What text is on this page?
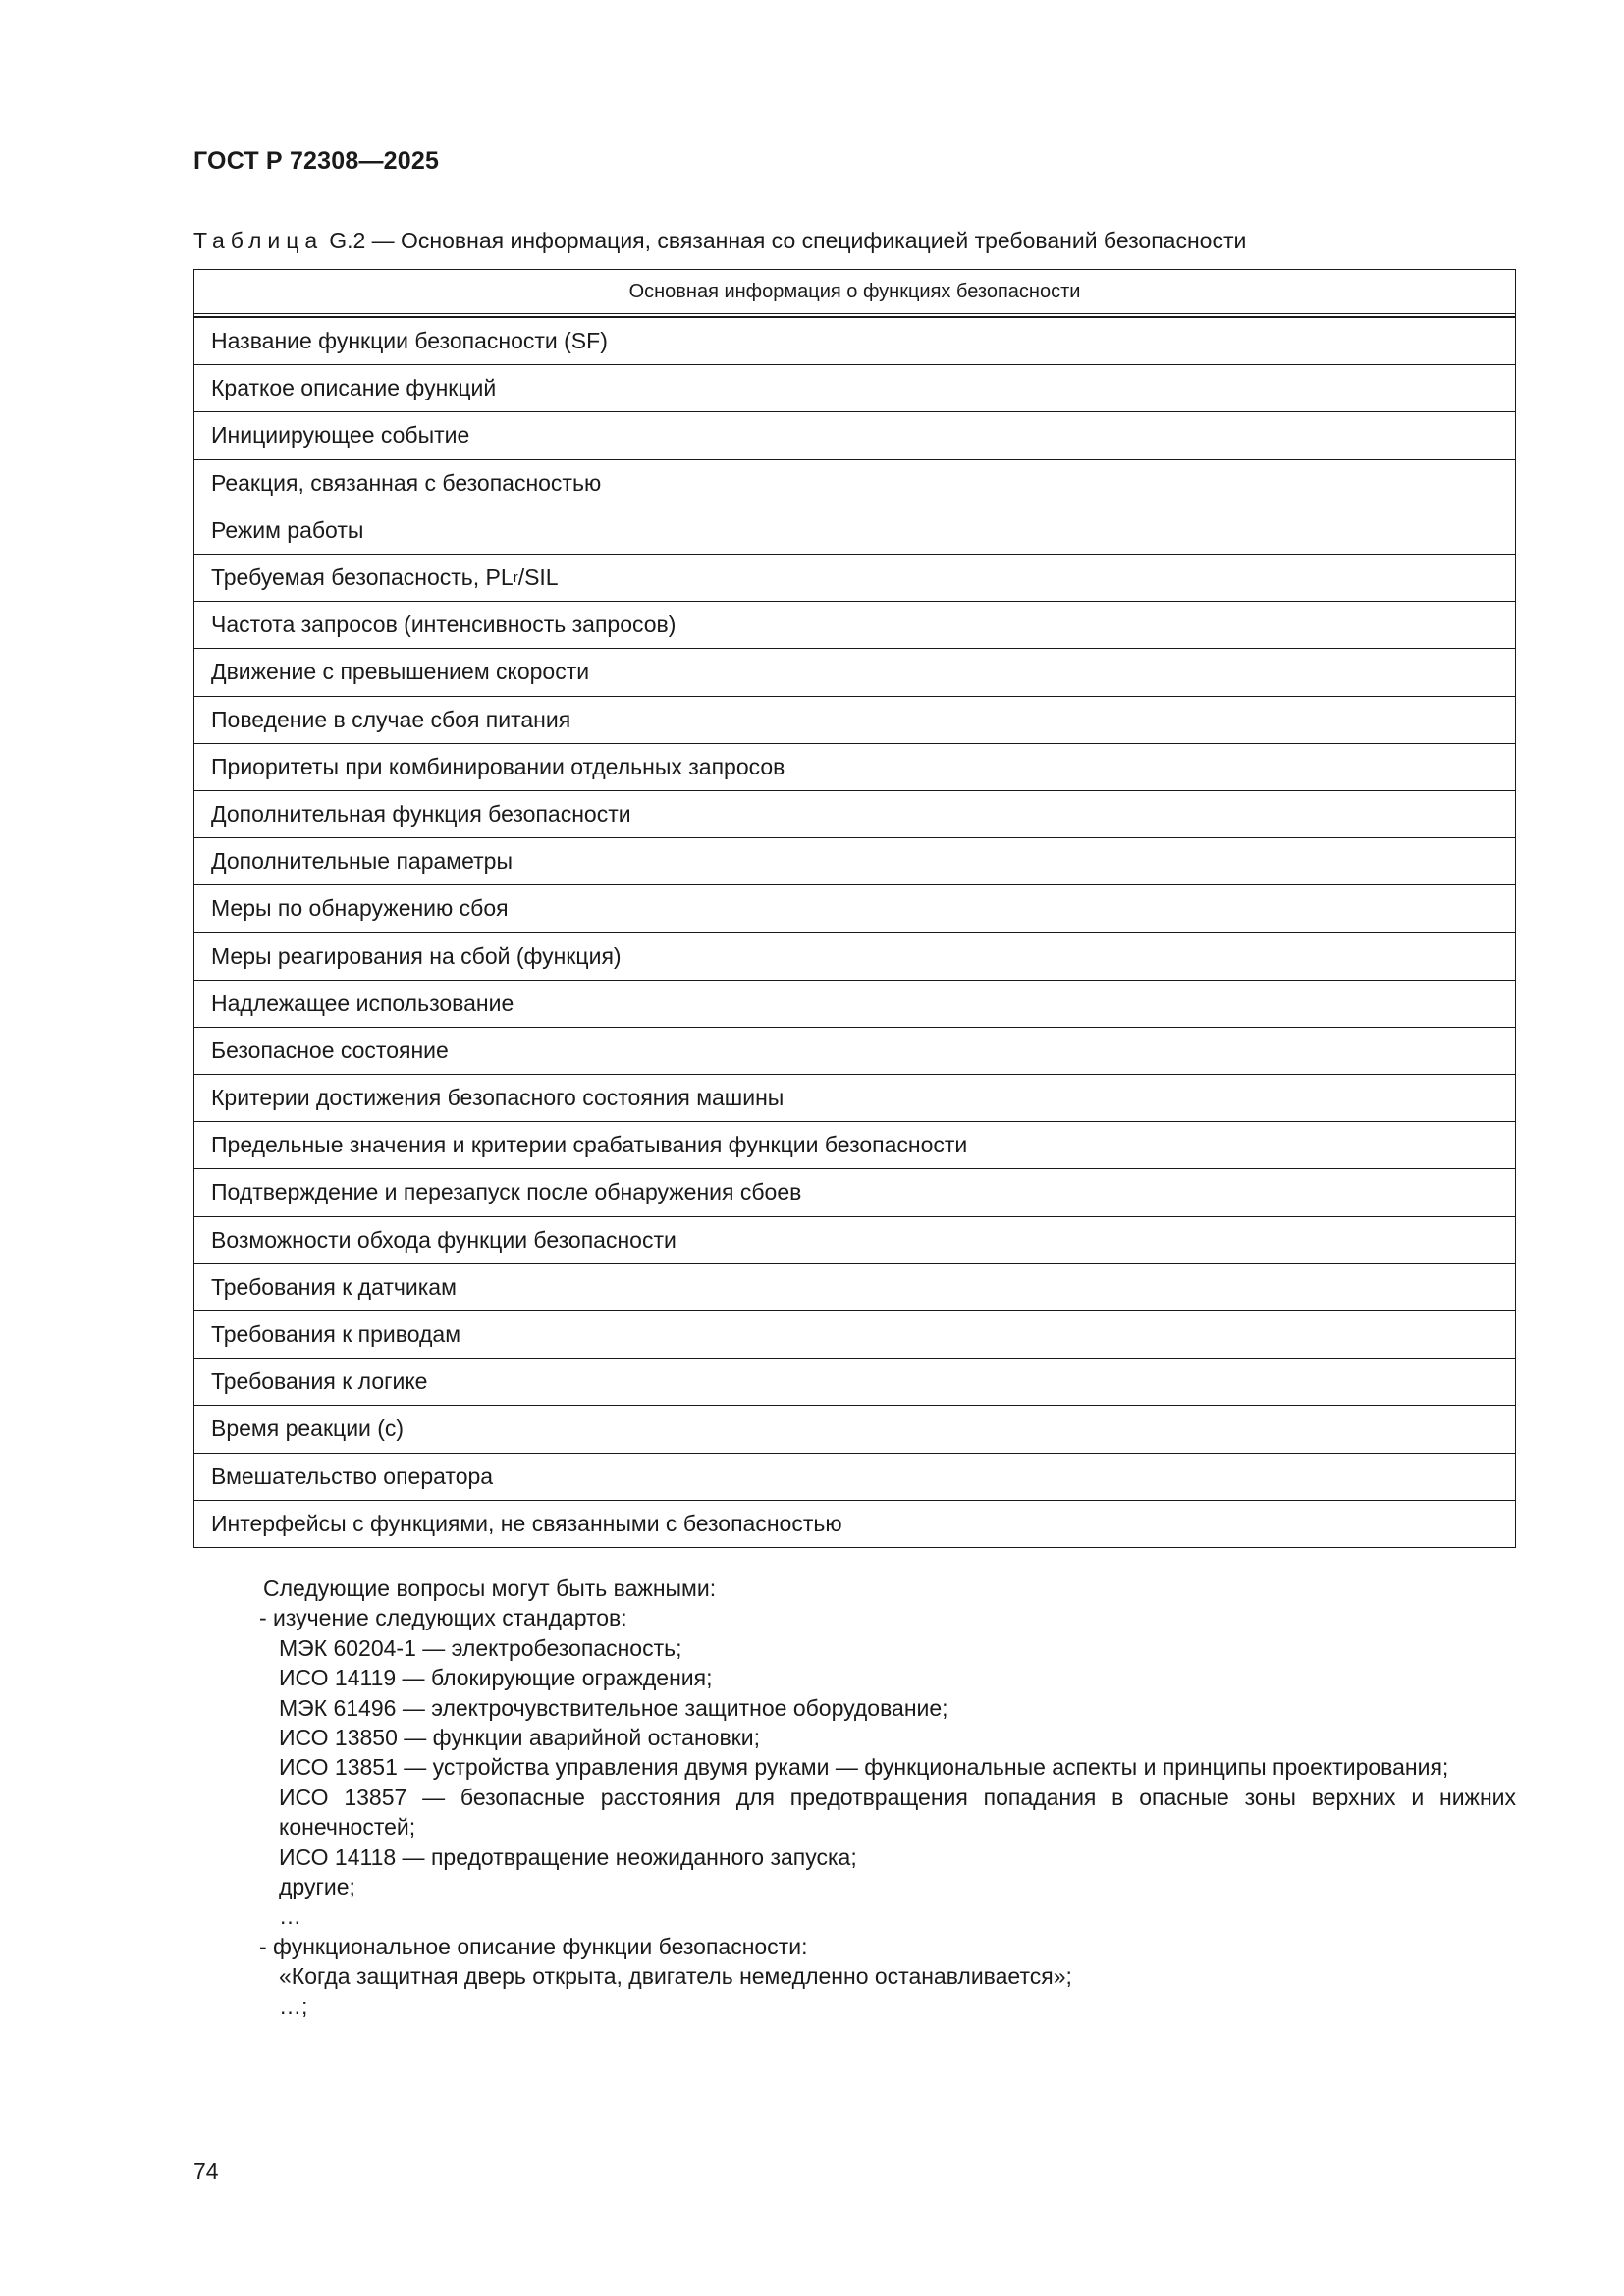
ГОСТ Р 72308—2025
Таблица G.2 — Основная информация, связанная со спецификацией требований безопасности
Основная информация о функциях безопасности
Название функции безопасности (SF)
Краткое описание функций
Инициирующее событие
Реакция, связанная с безопасностью
Режим работы
Требуемая безопасность, PL r /SIL
Частота запросов (интенсивность запросов)
Движение с превышением скорости
Поведение в случае сбоя питания
Приоритеты при комбинировании отдельных запросов
Дополнительная функция безопасности
Дополнительные параметры
Меры по обнаружению сбоя
Меры реагирования на сбой (функция)
Надлежащее использование
Безопасное состояние
Критерии достижения безопасного состояния машины
Предельные значения и критерии срабатывания функции безопасности
Подтверждение и перезапуск после обнаружения сбоев
Возможности обхода функции безопасности
Требования к датчикам
Требования к приводам
Требования к логике
Время реакции (с)
Вмешательство оператора
Интерфейсы с функциями, не связанными с безопасностью
Следующие вопросы могут быть важными:
- изучение следующих стандартов:
МЭК 60204-1 — электробезопасность;
ИСО 14119 — блокирующие ограждения;
МЭК 61496 — электрочувствительное защитное оборудование;
ИСО 13850 — функции аварийной остановки;
ИСО 13851 — устройства управления двумя руками — функциональные аспекты и принципы проектирования;
ИСО 13857 — безопасные расстояния для предотвращения попадания в опасные зоны верхних и нижних конечностей;
ИСО 14118 — предотвращение неожиданного запуска;
другие;
…
- функциональное описание функции безопасности:
«Когда защитная дверь открыта, двигатель немедленно останавливается»;
…;
74
